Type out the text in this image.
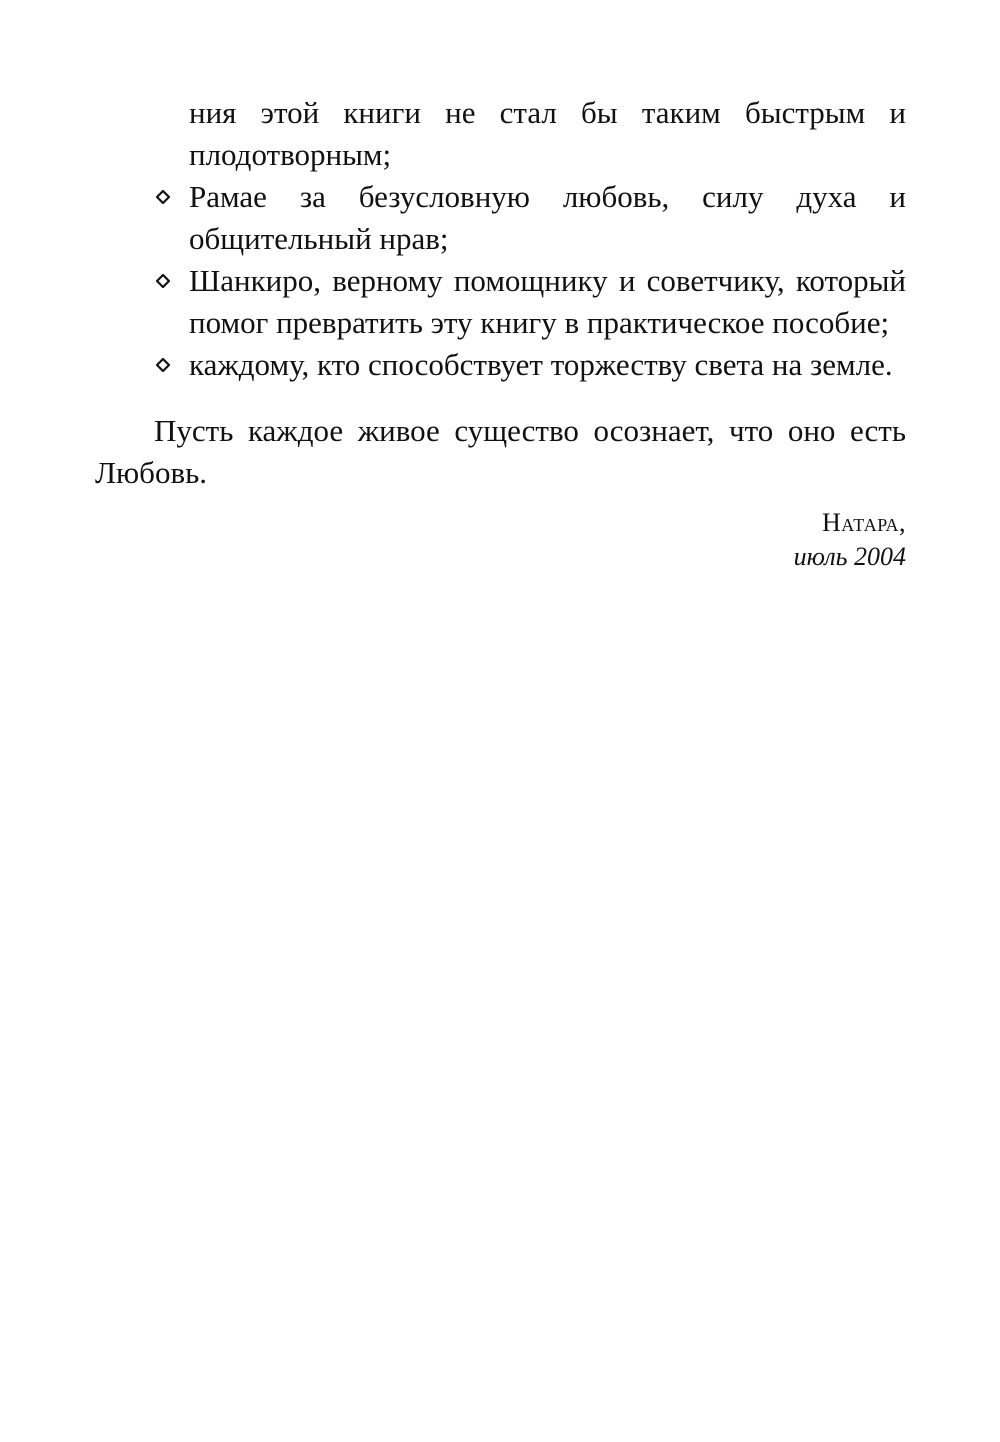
ния этой книги не стал бы таким быстрым и плодотворным;
Рамае за безусловную любовь, силу духа и общительный нрав;
Шанкиро, верному помощнику и советчику, который помог превратить эту книгу в практическое пособие;
каждому, кто способствует торжеству света на земле.

Пусть каждое живое существо осознает, что оно есть Любовь.

Натара,
июль 2004
